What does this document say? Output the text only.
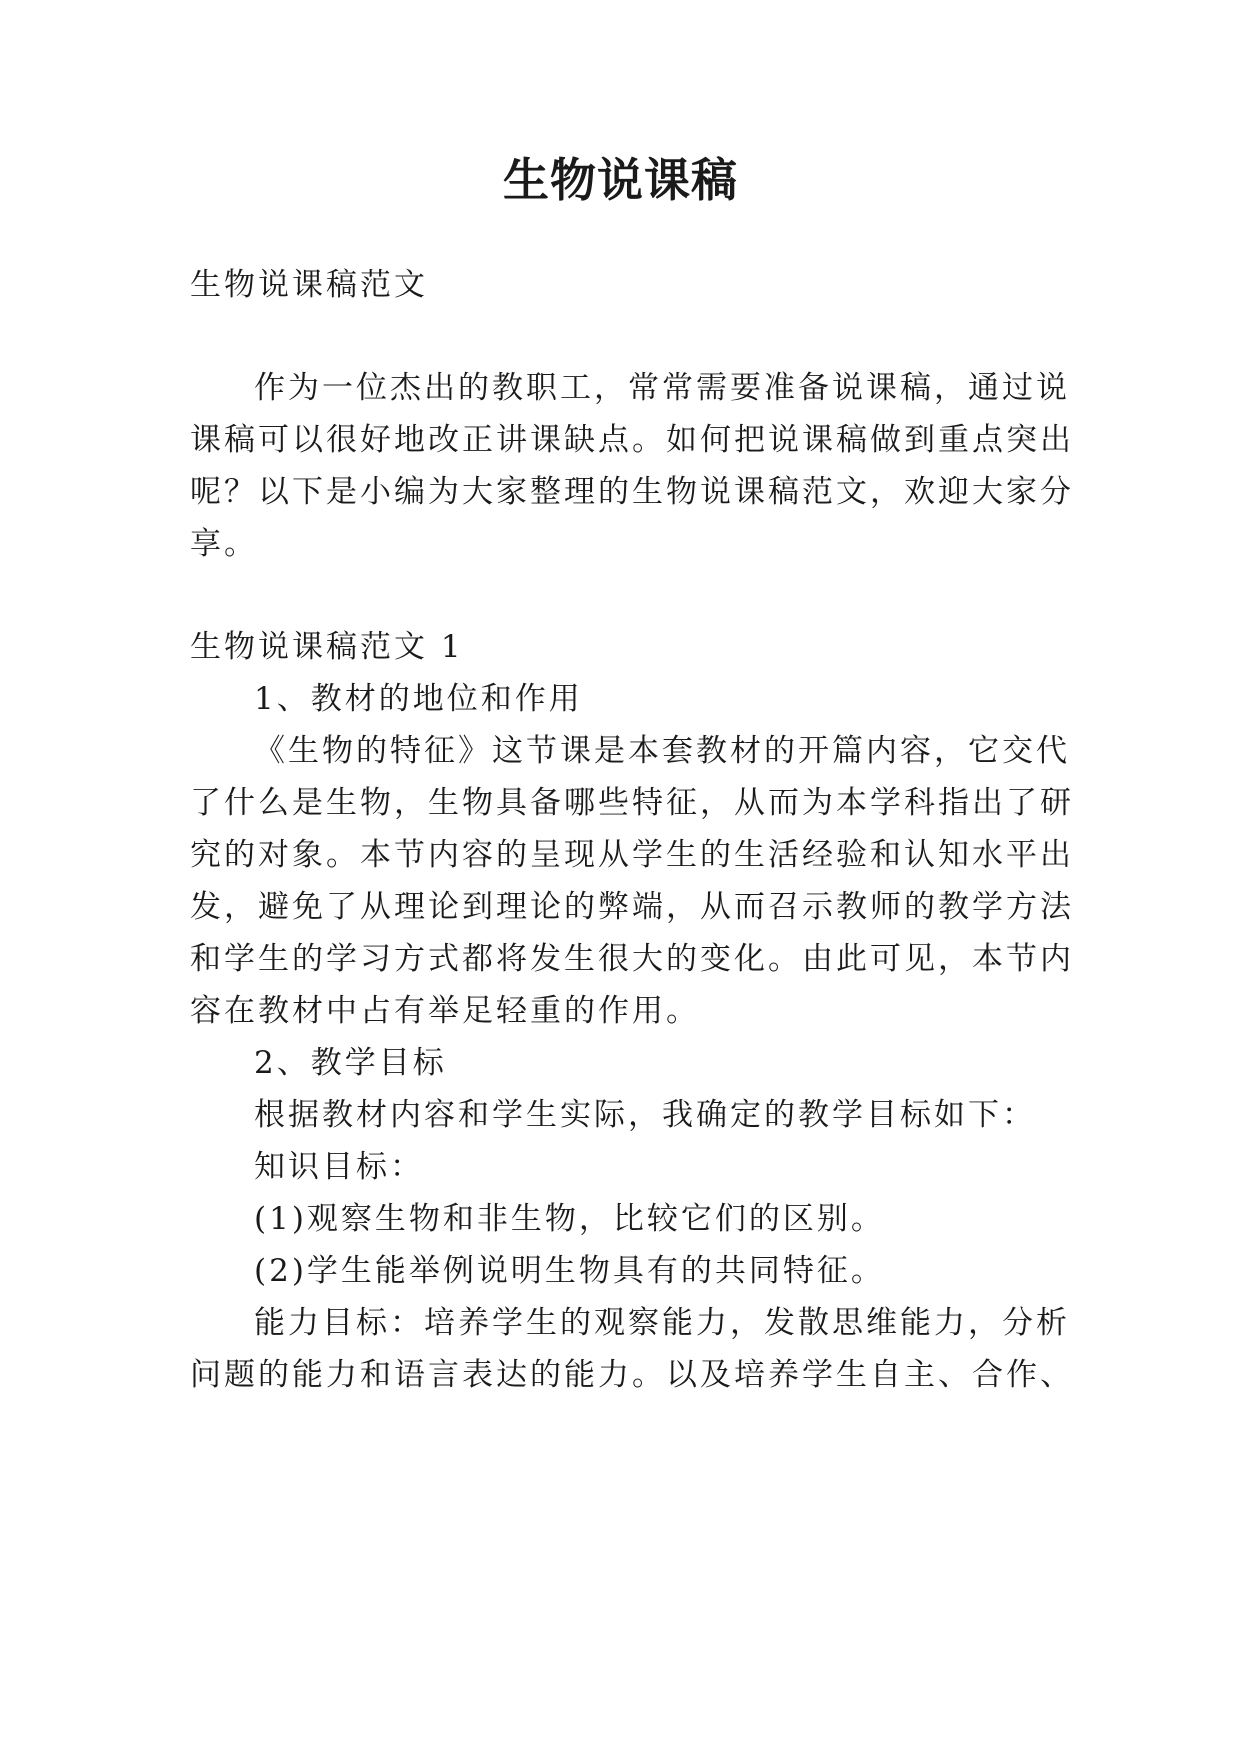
生物说课稿
生物说课稿范文
作为一位杰出的教职工，常常需要准备说课稿，通过说
课稿可以很好地改正讲课缺点。如何把说课稿做到重点突出
呢？以下是小编为大家整理的生物说课稿范文，欢迎大家分
享。
生物说课稿范文 1
1、教材的地位和作用
《生物的特征》这节课是本套教材的开篇内容，它交代
了什么是生物，生物具备哪些特征，从而为本学科指出了研
究的对象。本节内容的呈现从学生的生活经验和认知水平出
发，避免了从理论到理论的弊端，从而召示教师的教学方法
和学生的学习方式都将发生很大的变化。由此可见，本节内
容在教材中占有举足轻重的作用。
2、教学目标
根据教材内容和学生实际，我确定的教学目标如下：
知识目标：
(1)观察生物和非生物，比较它们的区别。
(2)学生能举例说明生物具有的共同特征。
能力目标：培养学生的观察能力，发散思维能力，分析
问题的能力和语言表达的能力。以及培养学生自主、合作、
